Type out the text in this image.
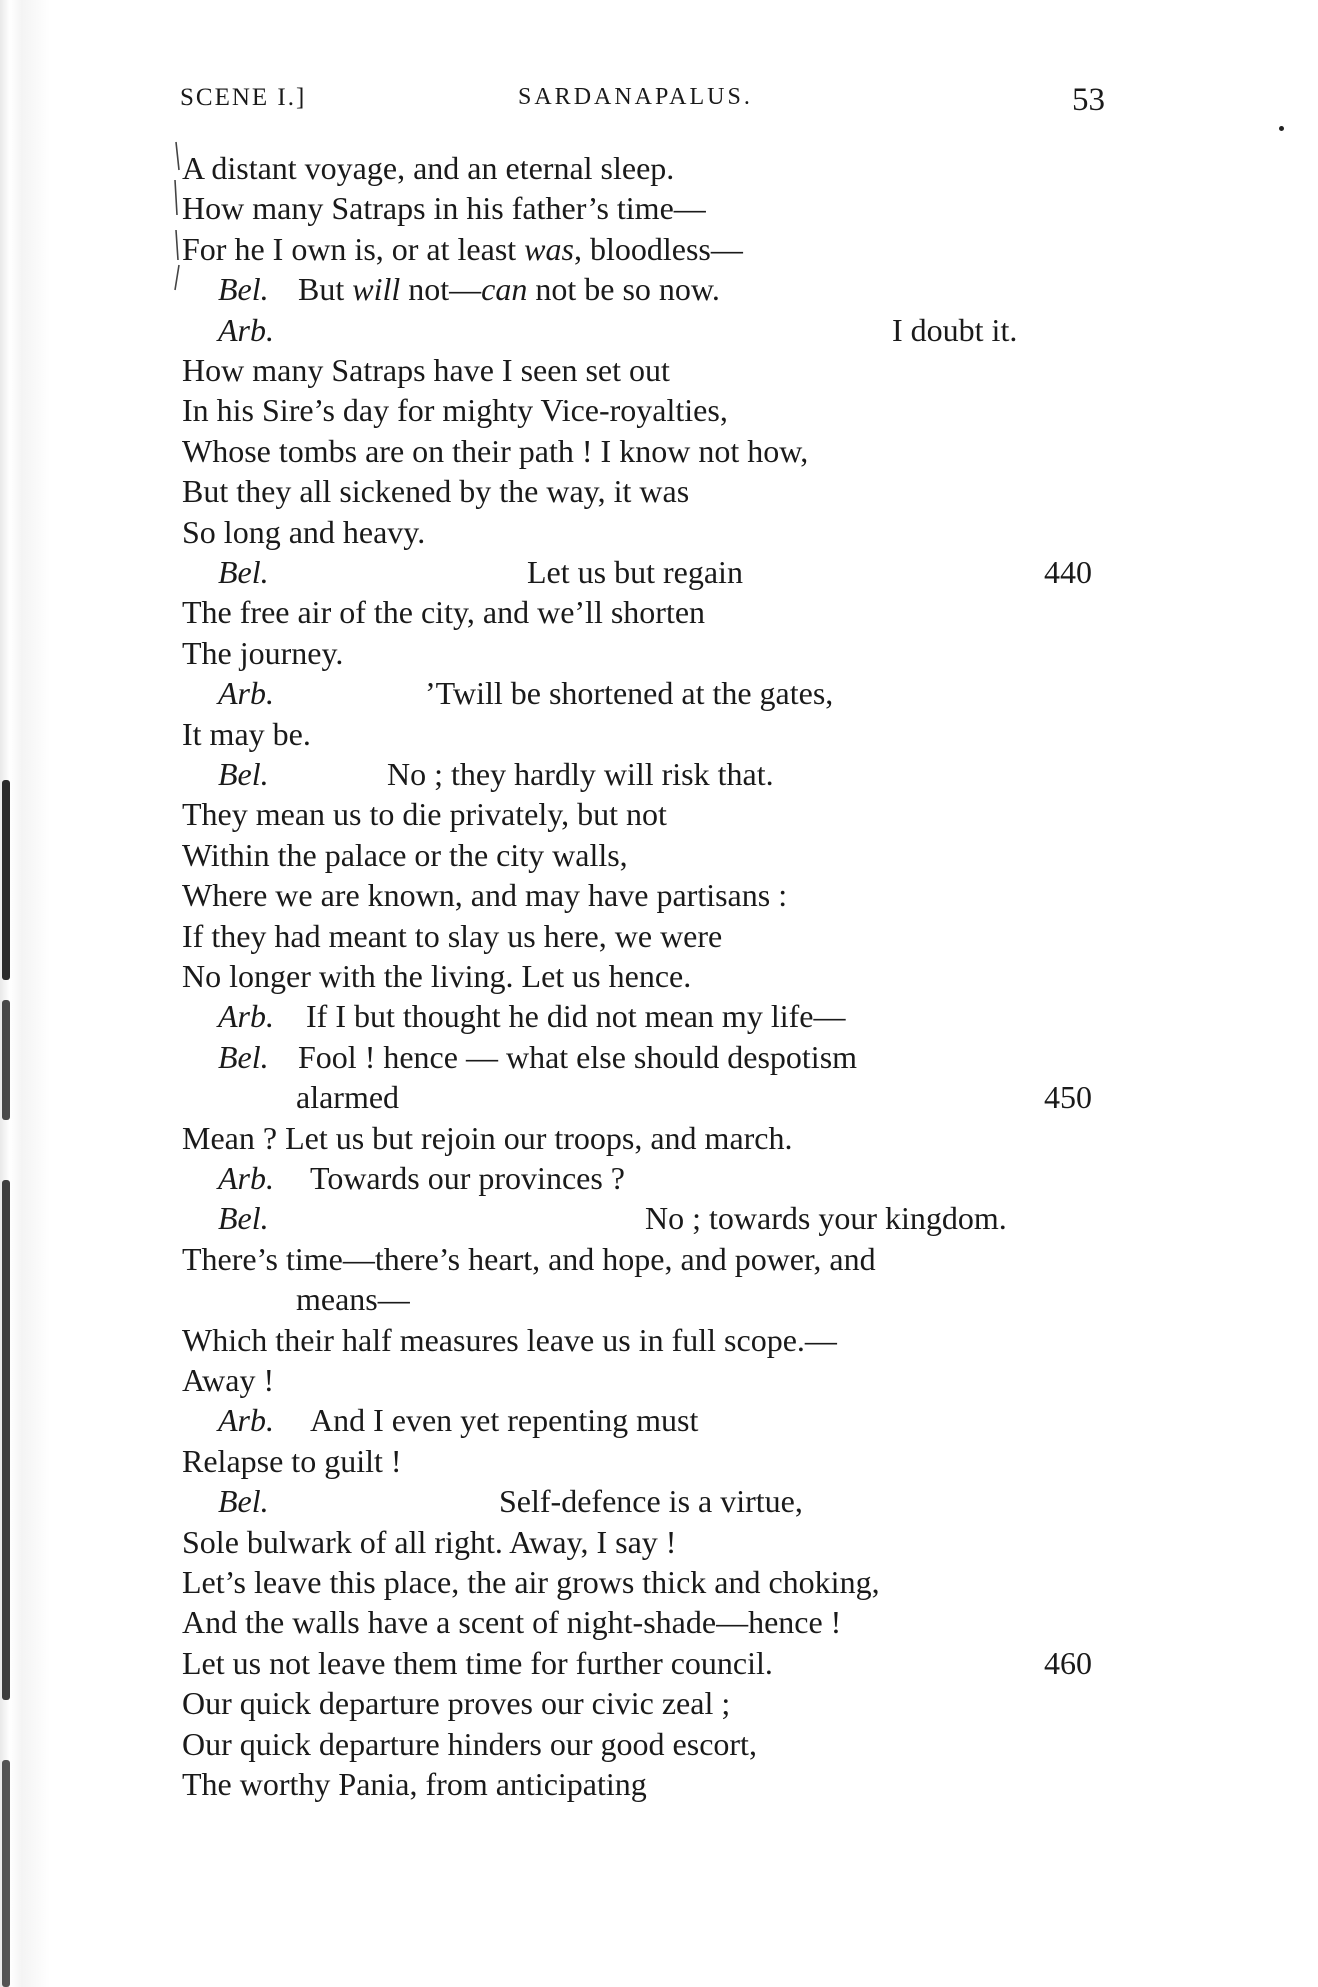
SCENE I.]	SARDANAPALUS.	53
A distant voyage, and an eternal sleep.
How many Satraps in his father’s time—
For he I own is, or at least was, bloodless—
Bel. But will not—can not be so now.
Arb.	I doubt it.
How many Satraps have I seen set out
In his Sire’s day for mighty Vice-royalties,
Whose tombs are on their path ! I know not how,
But they all sickened by the way, it was
So long and heavy.
Bel.	Let us but regain	440
The free air of the city, and we’ll shorten
The journey.
Arb.	’Twill be shortened at the gates,
It may be.
Bel.	No ; they hardly will risk that.
They mean us to die privately, but not
Within the palace or the city walls,
Where we are known, and may have partisans :
If they had meant to slay us here, we were
No longer with the living. Let us hence.
Arb. If I but thought he did not mean my life—
Bel. Fool ! hence — what else should despotism
alarmed	450
Mean ? Let us but rejoin our troops, and march.
Arb. Towards our provinces ?
Bel.	No ; towards your kingdom.
There’s time—there’s heart, and hope, and power, and
means—
Which their half measures leave us in full scope.—
Away !
Arb. And I even yet repenting must
Relapse to guilt !
Bel.	Self-defence is a virtue,
Sole bulwark of all right. Away, I say !
Let’s leave this place, the air grows thick and choking,
And the walls have a scent of night-shade—hence !
Let us not leave them time for further council.	460
Our quick departure proves our civic zeal ;
Our quick departure hinders our good escort,
The worthy Pania, from anticipating
